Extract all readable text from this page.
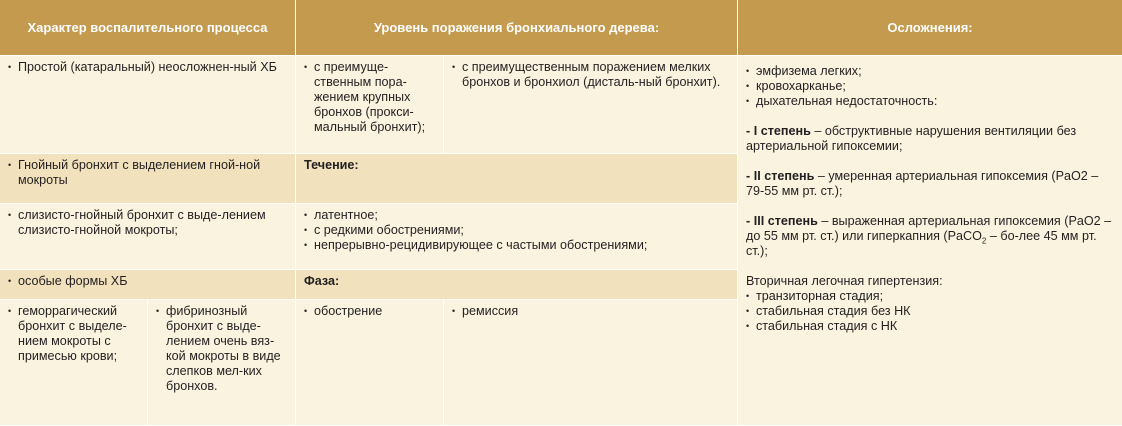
Характер воспалительного процесса	Уровень поражения бронхиального дерева:	Осложнения:
• Простой (катаральный) неосложнен-ный ХБ
• Гнойный бронхит с выделением гной-ной мокроты
• слизисто-гнойный бронхит с выде-лением слизисто-гнойной мокроты;
• особые формы ХБ
• геморрагический бронхит с выделе-нием мокроты с примесью крови;
• фибринозный бронхит с выде-лением очень вяз-кой мокроты в виде слепков мел-ких бронхов.
• с преимуще-ственным пора-жением крупных бронхов (прокси-мальный бронхит);
• с преимущественным поражением мелких бронхов и бронхиол (дисталь-ный бронхит).
Течение:
• латентное;
• с редкими обострениями;
• непрерывно-рецидивирующее с частыми обострениями;
Фаза:
• обострение
•	ремиссия
• эмфизема легких;
• кровохарканье;
• дыхательная недостаточность:
- I степень – обструктивные нарушения вентиляции без артериальной гипоксемии;
- II степень – умеренная артериальная гипоксемия (PaO2 – 79-55 мм рт. ст.);
- III степень – выраженная артериальная гипоксемия (PaO2 – до 55 мм рт. ст.) или гиперкапния (PaCO$_2$ – бо-лее 45 мм рт. ст.);
Вторичная легочная гипертензия:
• транзиторная стадия;
• стабильная стадия без НК
• стабильная стадия с НК
